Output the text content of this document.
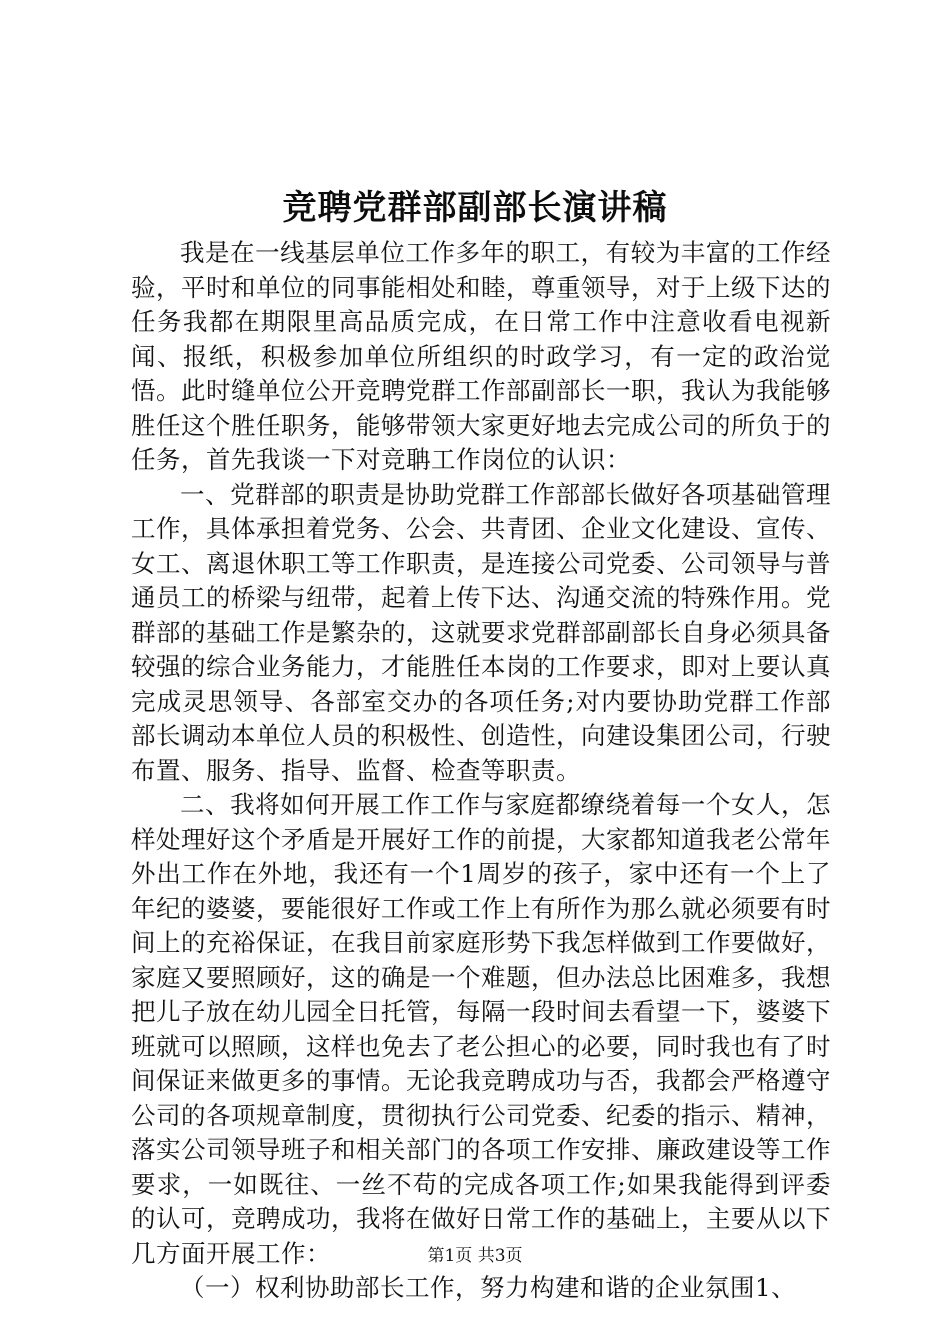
竞聘党群部副部长演讲稿

我是在一线基层单位工作多年的职工，有较为丰富的工作经验，平时和单位的同事能相处和睦，尊重领导，对于上级下达的任务我都在期限里高品质完成，在日常工作中注意收看电视新闻、报纸，积极参加单位所组织的时政学习，有一定的政治觉悟。此时缝单位公开竞聘党群工作部副部长一职，我认为我能够胜任这个胜任职务，能够带领大家更好地去完成公司的所负于的任务，首先我谈一下对竞聃工作岗位的认识：

一、党群部的职责是协助党群工作部部长做好各项基础管理工作，具体承担着党务、公会、共青团、企业文化建设、宣传、女工、离退休职工等工作职责，是连接公司党委、公司领导与普通员工的桥梁与纽带，起着上传下达、沟通交流的特殊作用。党群部的基础工作是繁杂的，这就要求党群部副部长自身必须具备较强的综合业务能力，才能胜任本岗的工作要求，即对上要认真完成灵思领导、各部室交办的各项任务;对内要协助党群工作部部长调动本单位人员的积极性、创造性，向建设集团公司，行驶布置、服务、指导、监督、检查等职责。

二、我将如何开展工作工作与家庭都缭绕着每一个女人，怎样处理好这个矛盾是开展好工作的前提，大家都知道我老公常年外出工作在外地，我还有一个1周岁的孩子，家中还有一个上了年纪的婆婆，要能很好工作或工作上有所作为那么就必须要有时间上的充裕保证，在我目前家庭形势下我怎样做到工作要做好，家庭又要照顾好，这的确是一个难题，但办法总比困难多，我想把儿子放在幼儿园全日托管，每隔一段时间去看望一下，婆婆下班就可以照顾，这样也免去了老公担心的必要，同时我也有了时间保证来做更多的事情。无论我竞聘成功与否，我都会严格遵守公司的各项规章制度，贯彻执行公司党委、纪委的指示、精神，落实公司领导班子和相关部门的各项工作安排、廉政建设等工作要求，一如既往、一丝不苟的完成各项工作;如果我能得到评委的认可，竞聘成功，我将在做好日常工作的基础上，主要从以下几方面开展工作：

（一）权利协助部长工作，努力构建和谐的企业氛围1、

第1页 共3页
